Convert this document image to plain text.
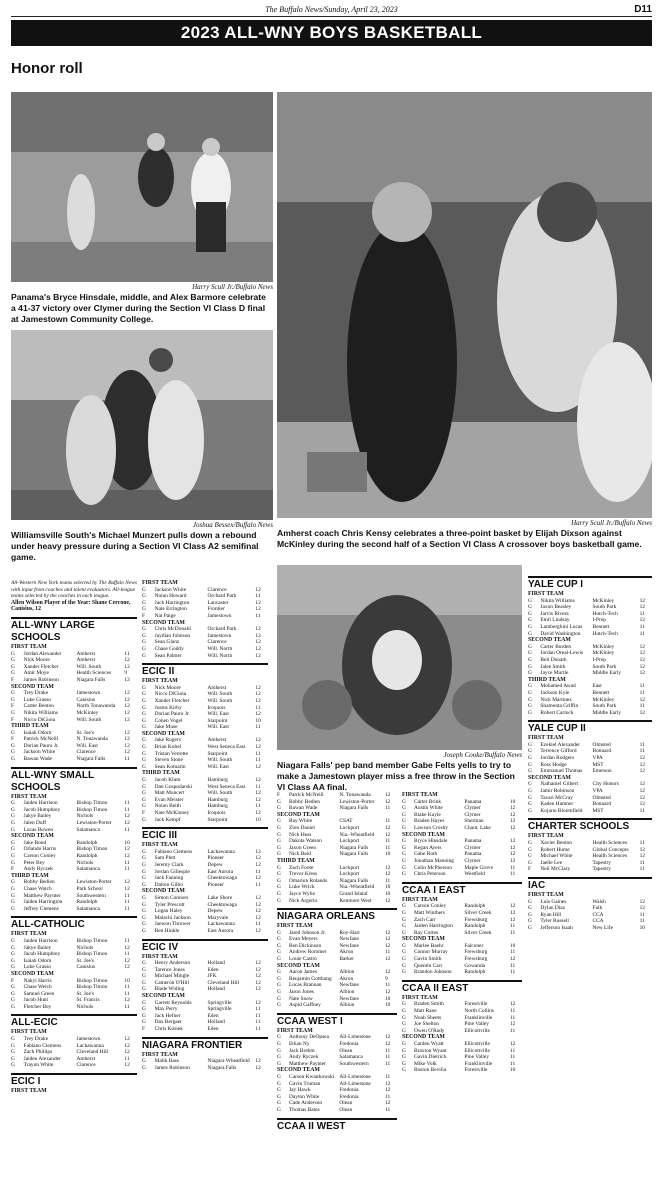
The Buffalo News/Sunday, April 23, 2023	D11
2023 ALL-WNY BOYS BASKETBALL
Honor roll
Harry Scull Jr./Buffalo News
Panama's Bryce Hinsdale, middle, and Alex Barmore celebrate a 41-37 victory over Clymer during the Section VI Class D final at Jamestown Community College.
Harry Scull Jr./Buffalo News
Amherst coach Chris Kensy celebrates a three-point basket by Elijah Dixson against McKinley during the second half of a Section VI Class A crossover boys basketball game.
Joshua Bessex/Buffalo News
Williamsville South's Michael Munzert pulls down a rebound under heavy pressure during a Section VI Class A2 semifinal game.
Joseph Cooke/Buffalo News
Niagara Falls' pep band member Gabe Felts yells to try to make a Jamestown player miss a free throw in the Section VI Class AA final.

All-Western New York teams selected by The Buffalo News with input from coaches and talent evaluators. All-league teams selected by the coaches in each league.

Allen Wilson Player of the Year: Shane Cercone, Canisius, 12

ALL-WNY LARGE SCHOOLS
FIRST TEAM
G	Jordan Alexander	Amherst	11
G	Nick Moore	Amherst	12
G	Xander Fletcher	Will. South	12
G	Amir Moye	Health Sciences	9
F	James Robinson	Niagara Falls	12
SECOND TEAM
G	Trey Drake	Jamestown	12
G	Luke Grasso	Canisius	12
F	Carter Benton	North Tonawanda	12
G	Nikita Williams	McKinley	12
F	Nicco DiGioia	Will. South	12
THIRD TEAM
G	Isaiah Odom	St. Joe's	12
F	Patrick McNeill	N. Tonawanda	12
G	Dorian Pauro Jr.	Will. East	12
G	Jackson White	Clarence	12
G	Bawan Wade	Niagara Falls	11
ALL-WNY SMALL SCHOOLS
FIRST TEAM
G	Jaiden Harrison	Bishop Timon	11
G	Jacob Humphrey	Bishop Timon	11
G	Jakye Bailey	Nichols	12
G	Jalen Duff	Lewiston-Porter	12
G	Lucas Bowen	Salamanca	11
SECOND TEAM
G	Jake Bond	Randolph	10
G	Orlando Harris	Bishop Timon	12
G	Carson Conley	Randolph	12
G	Peter Bey	Nichols	11
F	Andy Ryczek	Salamanca	11
THIRD TEAM
G	Bobby Bedien	Lewiston-Porter	12
G	Chase Watch	Park School	12
G	Matthew Paynter	Southwestern	11
G	Jaiden Harrington	Randolph	11
G	Jeffrey Clemens	Salamanca	11
ALL-CATHOLIC
FIRST TEAM
G	Jaiden Harrison	Bishop Timon	11
G	Jakye Bailey	Nichols	12
G	Jacob Humphrey	Bishop Timon	11
G	Isaiah Odom	St. Joe's	12
G	Luke Grasso	Canisius	12
SECOND TEAM
F	Nakyi Harris	Bishop Timon	10
G	Chase Welch	Bishop Timon	11
G	Samuel Green	St. Joe's	11
G	Jacob Hunt	St. Francis	12
G	Fletcher Bey	Nichols	11
ALL-ECIC
FIRST TEAM
G	Trey Drake	Jamestown	12
G	Fabiano Clemens	Lackawanna	12
G	Zach Phillips	Cleveland Hill	12
G	Jaiden Alexander	Amherst	11
G	Trayon White	Clarence	12
ECIC I
FIRST TEAM
FIRST TEAM
G	Jackson White	Clarence	12
G	Nolan Howard	Orchard Park	11
G	Jack Harrington	Lancaster	12
G	Nate Errington	Frontier	12
F	Nat Paige	Jamestown	11
SECOND TEAM
G	Chris McDonald	Orchard Park	12
G	Jaydian Johnson	Jamestown	12
G	Sean Glanz	Clarence	12
G	Chase Goddy	Will. North	12
G	Sean Palmer	Will. North	12
ECIC II
FIRST TEAM
G	Nick Moore	Amherst	12
G	Nicco DiGioia	Will. South	12
G	Xander Fletcher	Will. South	12
G	Justus Kirby	Iroquois	11
G	Dorian Pauro Jr.	Will. East	12
G	Cohen Vogel	Starpoint	10
G	Jake Muse	Will. East	11
SECOND TEAM
G	Jake Rogers	Amherst	12
G	Brian Kobel	West Seneca East	12
G	Tristan Verrette	Starpoint	11
G	Steven Stone	Will. South	11
G	Sean Kotnarin	Will. East	12
THIRD TEAM
G	Jacob Klum	Hamburg	12
G	Dan Gospodarski	West Seneca East	11
G	Matt Muncert	Will. South	12
G	Evan Meister	Hamburg	12
G	Nolan Beith	Hamburg	11
F	Nate McKinney	Iroquois	12
G	Jack Kempf	Starpoint	10
ECIC III
FIRST TEAM
G	Fabiano Clemens	Lackawanna	12
G	Sam Plett	Pioneer	12
G	Jeremy Clark	Depew	12
G	Jordan Gillespie	East Aurora	11
G	Jack Fanning	Cheektowaga	12
G	Dalton Gilbo	Pioneer	11
SECOND TEAM
G	Simon Connors	Lake Shore	12
G	Tyler Prescott	Cheektowaga	12
G	Logan Haley	Depew	12
G	Malachi Jackson	Maryvale	12
G	Jaewon Thrower	Lackawanna	11
G	Ben Hinkle	East Aurora	12
ECIC IV
FIRST TEAM
G	Henry Anderson	Holland	12
G	Tarence Jones	Eden	12
G	Michael Mingle	JFK	12
G	Cameron O'Hill	Cleveland Hill	12
G	Blade Widing	Holland	12
SECOND TEAM
G	Garrett Reynolds	Springville	12
G	Max Perry	Springville	11
G	Jack Hefner	Eden	11
G	Dax Bergaet	Holland	11
F	Chris Kosiek	Eden	11
NIAGARA FRONTIER
FIRST TEAM
G	Malik Bass	Niagara Wheatfield	12
G	James Robinson	Niagara Falls	12
F	Patrick McNeill	N. Tonawanda	12
G	Bobby Bedien	Lewiston-Porter	12
G	Bawan Wade	Niagara Falls	11
SECOND TEAM
G	Ray White	CSAT	11
G	Zion Daniel	Lockport	12
G	Nick Hess	Nia.-Wheatfield	12
G	Dakota Watson	Lockport	11
G	Jaxon Green	Niagara Falls	11
G	Nick Reid	Niagara Falls	10
THIRD TEAM
G	Zach Foote	Lockport	12
G	Trevor Kress	Lockport	12
G	Omarion Rolands	Niagara Falls	11
G	Luke Wrick	Nia.-Wheatfield	10
G	Jayce Wylie	Grand Island	10
G	Nick Argerio	Kenmore West	12
NIAGARA ORLEANS
FIRST TEAM
G	Jared Johnson Jr.	Roy-Hart	12
G	Evan Meyers	Newfane	12
G	Ben Dickinson	Newfane	12
G	Andrew Rommer	Akron	11
G	Louie Castro	Barker	12
SECOND TEAM
G	Aaron James	Albion	12
G	Benjamin Gotthung	Akron	9
G	Lucas Brannan	Newfane	11
G	Jaron Jones	Albion	12
G	Nate Snow	Newfane	10
G	Aspid Gaffney	Albion	10
CCAA WEST I
FIRST TEAM
G	Anthony DeOpsea	All-Limestone	12
G	Ethan Ny	Fredonia	12
G	Jack Brehm	Olean	11
G	Andy Ryczek	Salamanca	11
G	Matthew Paynter	Southwestern	11
SECOND TEAM
G	Carson Kwiatkowski All-Limestone	11
G	Gavin Truman	All-Limestone	12
G	Jay Hawk	Fredonia	12
G	Dayton White	Fredonia	11
G	Cade Anderson	Olean	12
G	Thomas Bates	Olean	11
CCAA II WEST
FIRST TEAM
G	Carter Brink	Panama	10
G	Austin White	Clymer	12
G	Blake Kayle	Clymer	12
G	Braden Hayes	Sherman	12
G	Lawson Crosby	Chaut. Lake	12
SECOND TEAM
G	Bryce Hinsdale	Panama	12
G	Kegan Ayers	Clymer	12
G	Gabe Roth	Panama	12
G	Jonathan Manning	Clymer	12
G	Colin McPherson	Maple Grove	11
G	Chris Peterson	Westfield	11
CCAA I EAST
FIRST TEAM
G	Carson Conley	Randolph	12
G	Matt Winthers	Silver Creek	12
G	Zach Carr	Frewsburg	12
G	Jaiden Harrington	Randolph	11
G	Ray Cortes	Silver Creek	11
SECOND TEAM
G	Marlee Baehr	Falconer	10
G	Connor Murray	Frewsburg	11
G	Gavin Smith	Frewsburg	12
G	Quentin Carr	Gowanda	11
G	Brandon Johnson	Randolph	11
CCAA II EAST
FIRST TEAM
G	Braden Smith	Forestville	12
G	Matt Rane	North Collins	11
G	Noah Sheets	Franklinville	11
G	Joe Shelton	Pine Valley	12
G	Owen O'Rady	Ellicottville	11
SECOND TEAM
G	Carden Wyatt	Ellicottville	12
G	Braxton Wyant	Ellicottville	11
G	Gavin Dietrich	Pine Valley	11
G	Mike Volk	Franklinville	11
G	Boston Bevilia	Forestville	10
YALE CUP I
FIRST TEAM
G	Nikita Williams	McKinley	12
G	Jaxon Beasley	South Park	12
G	Jarvis Rivera	Hutch-Tech	11
G	Emil Lindsay	I-Prep	12
G	Lamberghini Lucas	Bennett	11
G	David Washington	Hutch-Tech	11
SECOND TEAM
G	Carter Burden	McKinley	12
G	Jordan Oreal-Lewis	McKinley	12
G	Beli Donath	I-Prep	12
G	Jalee Smith	South Park	12
G	Jayce Murtle	Middle Early	12
THIRD TEAM
G	Mohamed Awad	East	11
G	Jackson Kyle	Bennett	11
G	Nick Martinez	McKinley	12
G	Shamonta Griffin	South Park	11
G	Robert Carlock	Middle Early	12
YALE CUP II
FIRST TEAM
G	Ezekiel Alexander	Olmsted	11
G	Terrence Gifford	Bonnard	11
G	Jordan Rodgers	VPA	12
G	Ross Hodge	MST	12
G	Emmanuel Thomas	Emerson	12
SECOND TEAM
G	Nathaniel Gilbert	City Honors	12
G	Jamir Robinson	VPA	12
G	Tacari McCray	Olmsted	12
G	Kaden Hamner	Bonnard	12
G	Kojunn Bloomfield	MST	11
CHARTER SCHOOLS
FIRST TEAM
G	Xavier Benton	Health Sciences	11
G	Robert Hume	Global Concepts	12
G	Michael White	Health Sciences	12
G	Jaelle Lee	Tapestry	11
F	Neil McClary	Tapestry	11
IAC
FIRST TEAM
G	Luis Gaines	Walsh	12
G	Dylan Diaz	Fulk	12
G	Ryan Hill	CCA	11
G	Tyler Russell	CCA	11
G	Jefferson Isaah	New Life	10
